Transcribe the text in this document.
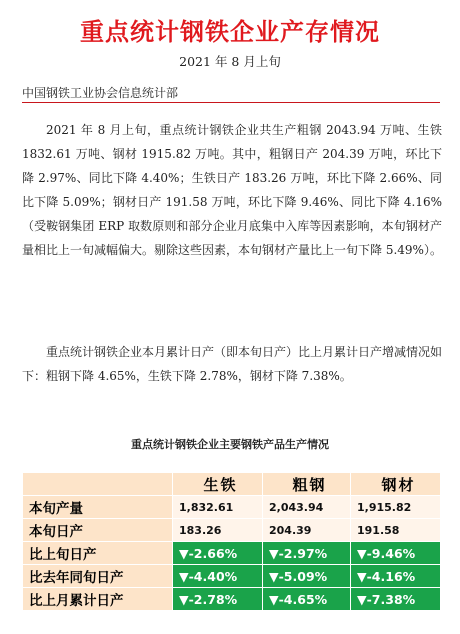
重点统计钢铁企业产存情况
2021 年 8 月上旬
中国钢铁工业协会信息统计部

2021 年 8 月上旬，重点统计钢铁企业共生产粗钢 2043.94 万吨、生铁 1832.61 万吨、钢材 1915.82 万吨。其中，粗钢日产 204.39 万吨，环比下降 2.97%、同比下降 4.40%；生铁日产 183.26 万吨，环比下降 2.66%、同比下降 5.09%；钢材日产 191.58 万吨，环比下降 9.46%、同比下降 4.16%（受鞍钢集团 ERP 取数原则和部分企业月底集中入库等因素影响，本旬钢材产量相比上一旬减幅偏大。剔除这些因素，本旬钢材产量比上一旬下降 5.49%）。

重点统计钢铁企业本月累计日产（即本旬日产）比上月累计日产增减情况如下：粗钢下降 4.65%，生铁下降 2.78%，钢材下降 7.38%。

重点统计钢铁企业主要钢铁产品生产情况
	生铁	粗钢	钢材
本旬产量	1,832.61	2,043.94	1,915.82
本旬日产	183.26	204.39	191.58
比上旬日产	▼-2.66%	▼-2.97%	▼-9.46%
比去年同旬日产	▼-4.40%	▼-5.09%	▼-4.16%
比上月累计日产	▼-2.78%	▼-4.65%	▼-7.38%
